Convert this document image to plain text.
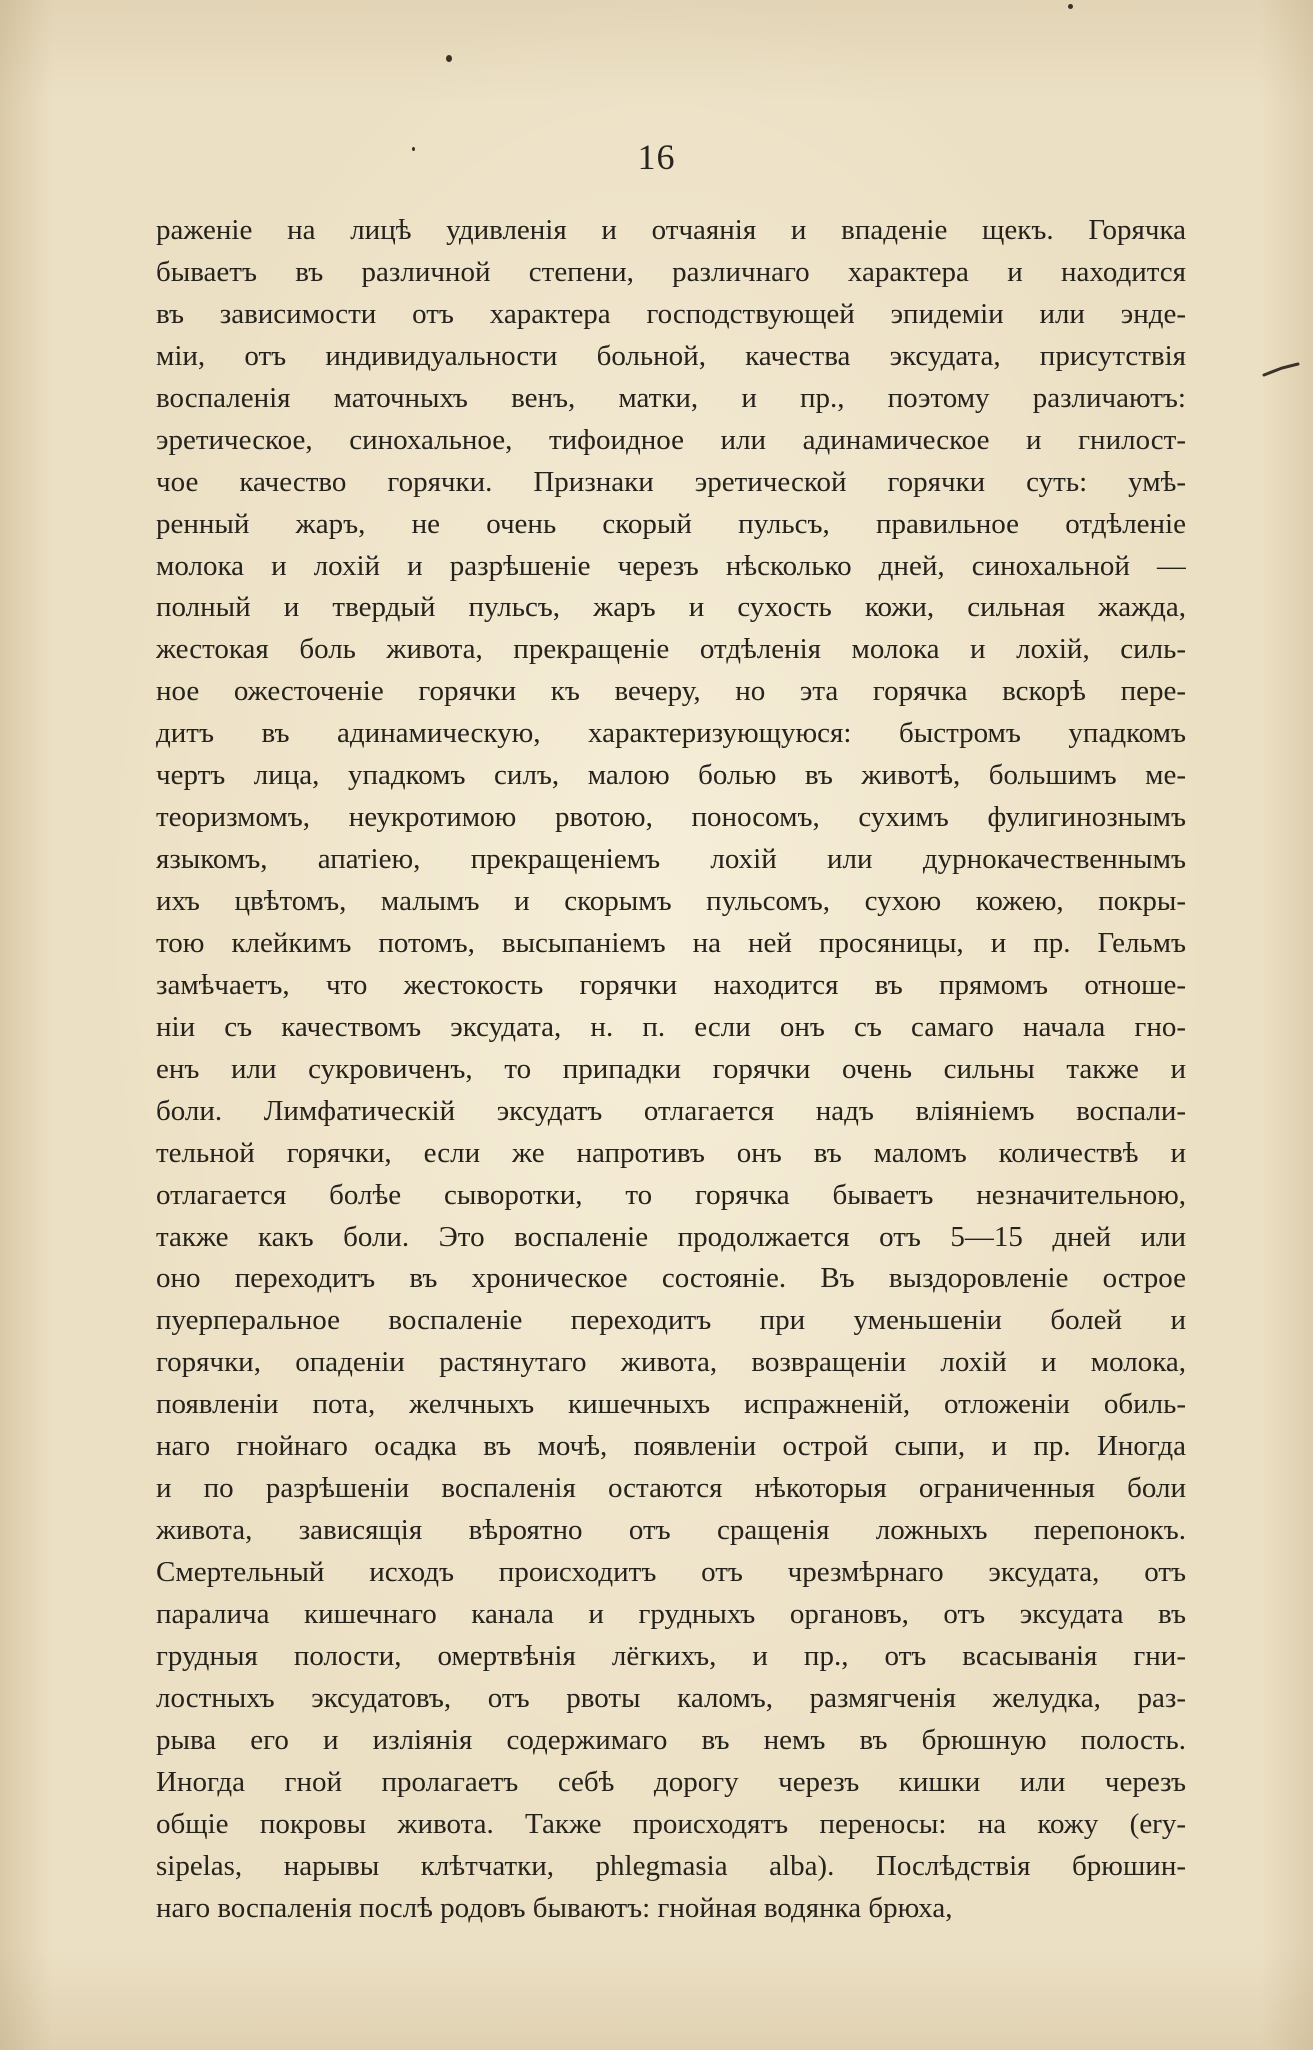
16
раженіе на лицѣ удивленія и отчаянія и впаденіе щекъ. Горячка
бываетъ въ различной степени, различнаго характера и находится
въ зависимости отъ характера господствующей эпидеміи или энде-
міи, отъ индивидуальности больной, качества эксудата, присутствія
воспаленія маточныхъ венъ, матки, и пр., поэтому различаютъ:
эретическое, синохальное, тифоидное или адинамическое и гнилост-
чое качество горячки. Признаки эретической горячки суть: умѣ-
ренный жаръ, не очень скорый пульсъ, правильное отдѣленіе
молока и лохій и разрѣшеніе черезъ нѣсколько дней, синохальной —
полный и твердый пульсъ, жаръ и сухость кожи, сильная жажда,
жестокая боль живота, прекращеніе отдѣленія молока и лохій, силь-
ное ожесточеніе горячки къ вечеру, но эта горячка вскорѣ пере-
дитъ въ адинамическую, характеризующуюся: быстромъ упадкомъ
чертъ лица, упадкомъ силъ, малою болью въ животѣ, большимъ ме-
теоризмомъ, неукротимою рвотою, поносомъ, сухимъ фулигинознымъ
языкомъ, апатіею, прекращеніемъ лохій или дурнокачественнымъ
ихъ цвѣтомъ, малымъ и скорымъ пульсомъ, сухою кожею, покры-
тою клейкимъ потомъ, высыпаніемъ на ней просяницы, и пр. Гельмъ
замѣчаетъ, что жестокость горячки находится въ прямомъ отноше-
ніи съ качествомъ эксудата, н. п. если онъ съ самаго начала гно-
енъ или сукровиченъ, то припадки горячки очень сильны также и
боли. Лимфатическій эксудатъ отлагается надъ вліяніемъ воспали-
тельной горячки, если же напротивъ онъ въ маломъ количествѣ и
отлагается болѣе сыворотки, то горячка бываетъ незначительною,
также какъ боли. Это воспаленіе продолжается отъ 5—15 дней или
оно переходитъ въ хроническое состояніе. Въ выздоровленіе острое
пуерперальное воспаленіе переходитъ при уменьшеніи болей и
горячки, опаденіи растянутаго живота, возвращеніи лохій и молока,
появленіи пота, желчныхъ кишечныхъ испражненій, отложеніи обиль-
наго гнойнаго осадка въ мочѣ, появленіи острой сыпи, и пр. Иногда
и по разрѣшеніи воспаленія остаются нѣкоторыя ограниченныя боли
живота, зависящія вѣроятно отъ сращенія ложныхъ перепонокъ.
Смертельный исходъ происходитъ отъ чрезмѣрнаго эксудата, отъ
паралича кишечнаго канала и грудныхъ органовъ, отъ эксудата въ
грудныя полости, омертвѣнія лёгкихъ, и пр., отъ всасыванія гни-
лостныхъ эксудатовъ, отъ рвоты каломъ, размягченія желудка, раз-
рыва его и изліянія содержимаго въ немъ въ брюшную полость.
Иногда гной пролагаетъ себѣ дорогу черезъ кишки или черезъ
общіе покровы живота. Также происходятъ переносы: на кожу (ery-
sipelas, нарывы клѣтчатки, phlegmasia alba). Послѣдствія брюшин-
наго воспаленія послѣ родовъ бываютъ: гнойная водянка брюха,
